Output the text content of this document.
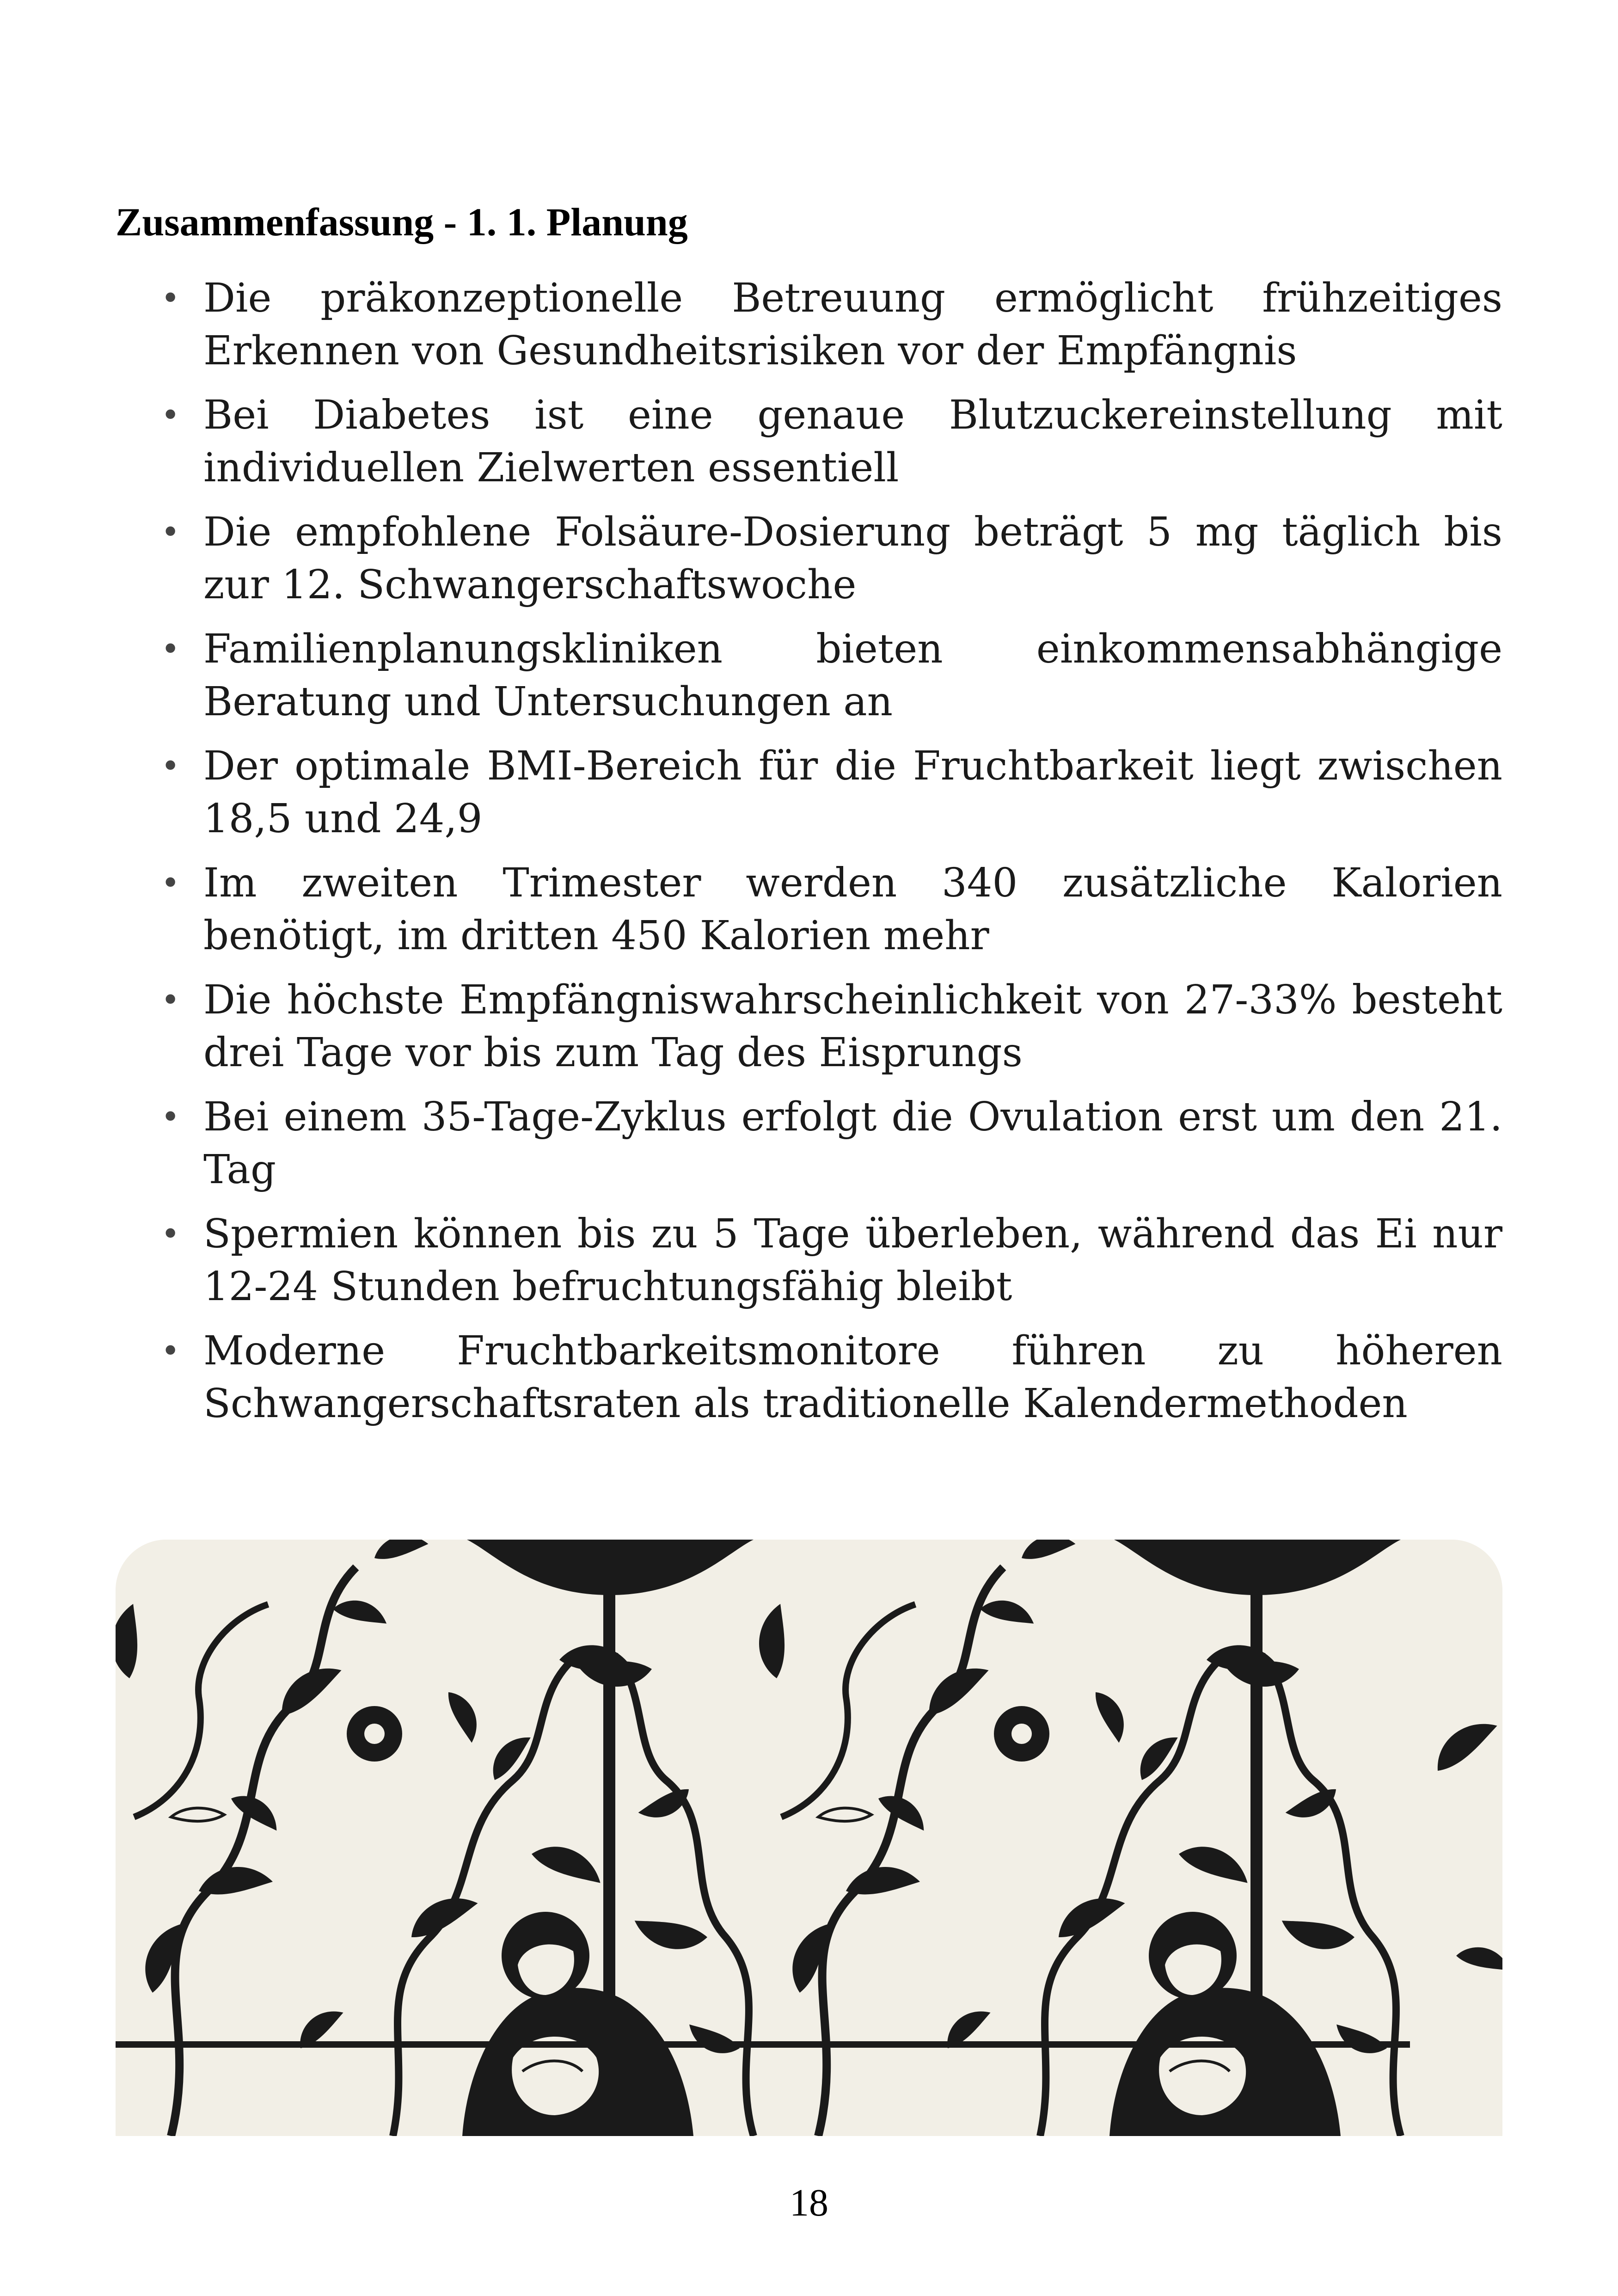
Zusammenfassung - 1. 1. Planung
• Die präkonzeptionelle Betreuung ermöglicht frühzeitiges Erkennen von Gesundheitsrisiken vor der Empfängnis
• Bei Diabetes ist eine genaue Blutzuckereinstellung mit individuellen Zielwerten essentiell
• Die empfohlene Folsäure-Dosierung beträgt 5 mg täglich bis zur 12. Schwangerschaftswoche
• Familienplanungskliniken bieten einkommensabhängige Beratung und Untersuchungen an
• Der optimale BMI-Bereich für die Fruchtbarkeit liegt zwischen 18,5 und 24,9
• Im zweiten Trimester werden 340 zusätzliche Kalorien benötigt, im dritten 450 Kalorien mehr
• Die höchste Empfängniswahrscheinlichkeit von 27-33% besteht drei Tage vor bis zum Tag des Eisprungs
• Bei einem 35-Tage-Zyklus erfolgt die Ovulation erst um den 21. Tag
• Spermien können bis zu 5 Tage überleben, während das Ei nur 12-24 Stunden befruchtungsfähig bleibt
• Moderne Fruchtbarkeitsmonitore führen zu höheren Schwangerschaftsraten als traditionelle Kalendermethoden
18
